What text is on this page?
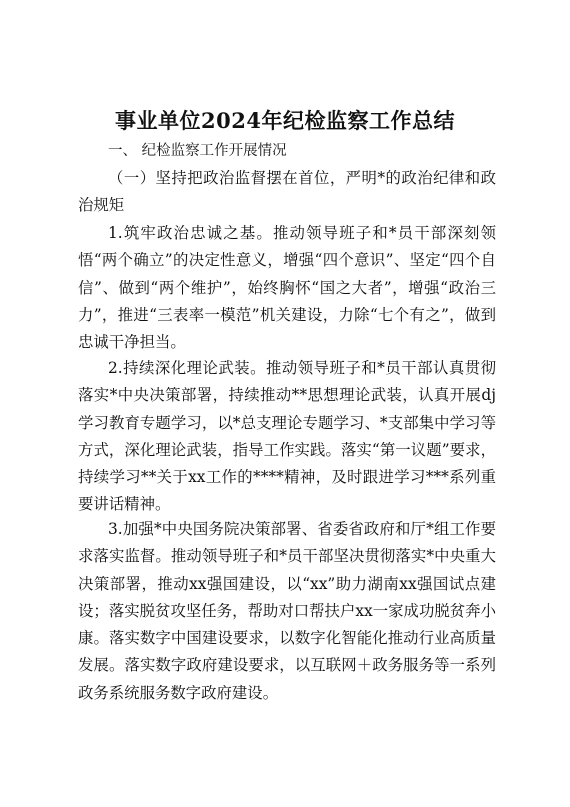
事业单位2024年纪检监察工作总结
一、 纪检监察工作开展情况
（一）坚持把政治监督摆在首位，严明*的政治纪律和政治规矩
1.筑牢政治忠诚之基。推动领导班子和*员干部深刻领悟“两个确立”的决定性意义，增强“四个意识”、坚定“四个自信”、做到“两个维护”，始终胸怀“国之大者”，增强“政治三力”，推进“三表率一模范”机关建设，力除“七个有之”，做到忠诚干净担当。
2.持续深化理论武装。推动领导班子和*员干部认真贯彻落实*中央决策部署，持续推动**思想理论武装，认真开展dj学习教育专题学习，以*总支理论专题学习、*支部集中学习等方式，深化理论武装，指导工作实践。落实“第一议题”要求，持续学习**关于xx工作的****精神，及时跟进学习***系列重要讲话精神。
3.加强*中央国务院决策部署、省委省政府和厅*组工作要求落实监督。推动领导班子和*员干部坚决贯彻落实*中央重大决策部署，推动xx强国建设，以“xx”助力湖南xx强国试点建设；落实脱贫攻坚任务，帮助对口帮扶户xx一家成功脱贫奔小康。落实数字中国建设要求，以数字化智能化推动行业高质量发展。落实数字政府建设要求，以互联网＋政务服务等一系列政务系统服务数字政府建设。
